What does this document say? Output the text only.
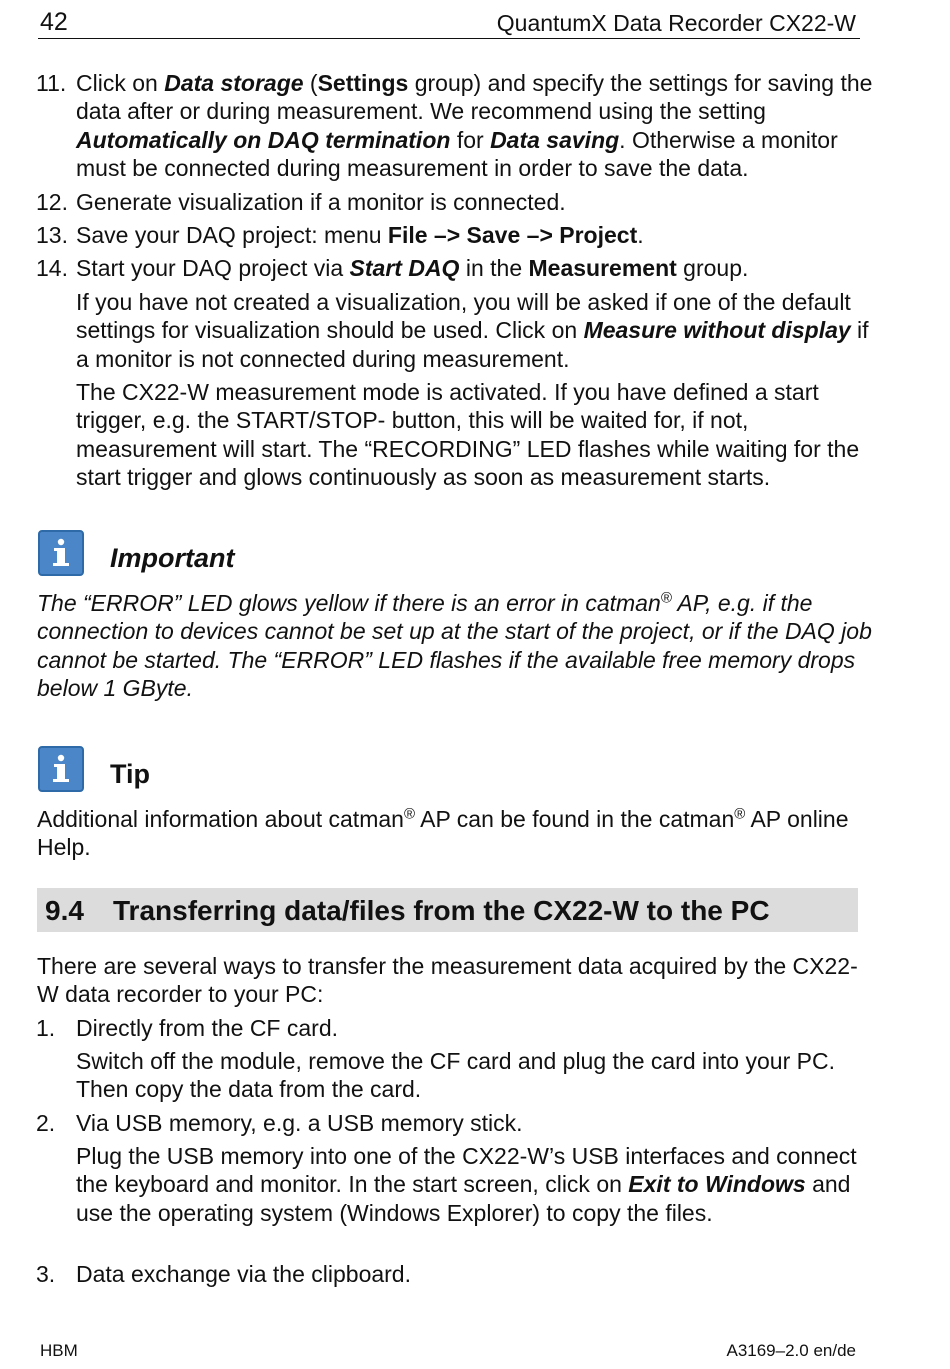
42	QuantumX Data Recorder CX22-W
11. Click on Data storage (Settings group) and specify the settings for saving the data after or during measurement. We recommend using the setting Automatically on DAQ termination for Data saving. Otherwise a monitor must be connected during measurement in order to save the data.
12. Generate visualization if a monitor is connected.
13. Save your DAQ project: menu File –> Save –> Project.
14. Start your DAQ project via Start DAQ in the Measurement group.
If you have not created a visualization, you will be asked if one of the default settings for visualization should be used. Click on Measure without display if a monitor is not connected during measurement.
The CX22-W measurement mode is activated. If you have defined a start trigger, e.g. the START/STOP- button, this will be waited for, if not, measurement will start. The “RECORDING” LED flashes while waiting for the start trigger and glows continuously as soon as measurement starts.
Important
The “ERROR” LED glows yellow if there is an error in catman® AP, e.g. if the connection to devices cannot be set up at the start of the project, or if the DAQ job cannot be started. The “ERROR” LED flashes if the available free memory drops below 1 GByte.
Tip
Additional information about catman® AP can be found in the catman® AP online Help.
9.4 Transferring data/files from the CX22-W to the PC
There are several ways to transfer the measurement data acquired by the CX22-W data recorder to your PC:
1. Directly from the CF card.
Switch off the module, remove the CF card and plug the card into your PC. Then copy the data from the card.
2. Via USB memory, e.g. a USB memory stick.
Plug the USB memory into one of the CX22-W’s USB interfaces and connect the keyboard and monitor. In the start screen, click on Exit to Windows and use the operating system (Windows Explorer) to copy the files.
3. Data exchange via the clipboard.
HBM	A3169–2.0 en/de
